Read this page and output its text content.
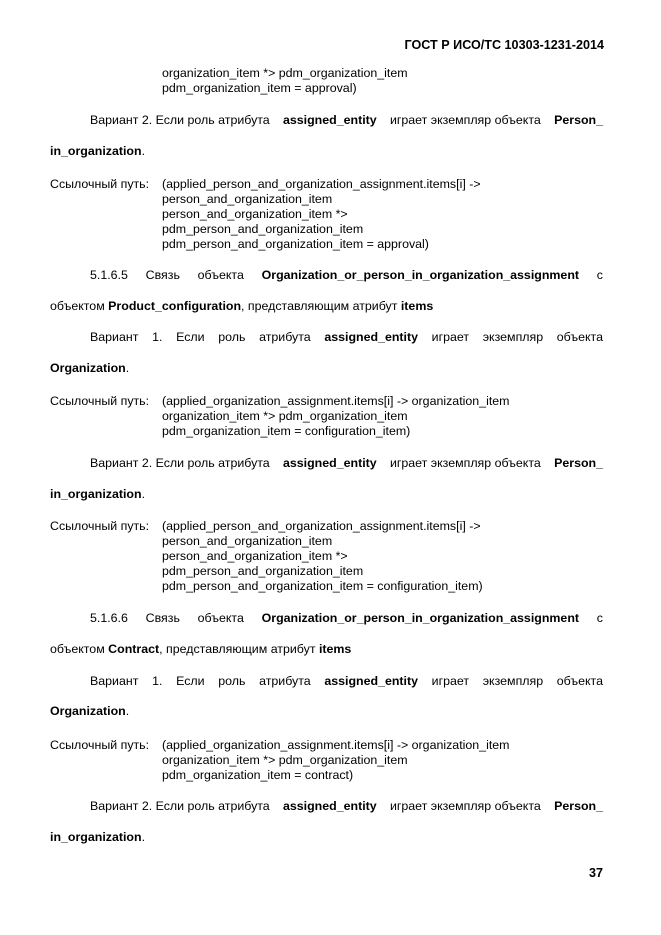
ГОСТ Р ИСО/ТС 10303-1231-2014
organization_item *> pdm_organization_item
pdm_organization_item = approval)
Вариант 2. Если роль атрибута assigned_entity играет экземпляр объекта Person_
in_organization.
Ссылочный путь: (applied_person_and_organization_assignment.items[i] ->
person_and_organization_item
person_and_organization_item *>
pdm_person_and_organization_item
pdm_person_and_organization_item = approval)
5.1.6.5 Связь объекта Organization_or_person_in_organization_assignment с
объектом Product_configuration, представляющим атрибут items
Вариант 1. Если роль атрибута assigned_entity играет экземпляр объекта
Organization.
Ссылочный путь: (applied_organization_assignment.items[i] -> organization_item
organization_item *> pdm_organization_item
pdm_organization_item = configuration_item)
Вариант 2. Если роль атрибута assigned_entity играет экземпляр объекта Person_
in_organization.
Ссылочный путь: (applied_person_and_organization_assignment.items[i] ->
person_and_organization_item
person_and_organization_item *>
pdm_person_and_organization_item
pdm_person_and_organization_item = configuration_item)
5.1.6.6 Связь объекта Organization_or_person_in_organization_assignment с
объектом Contract, представляющим атрибут items
Вариант 1. Если роль атрибута assigned_entity играет экземпляр объекта
Organization.
Ссылочный путь: (applied_organization_assignment.items[i] -> organization_item
organization_item *> pdm_organization_item
pdm_organization_item = contract)
Вариант 2. Если роль атрибута assigned_entity играет экземпляр объекта Person_
in_organization.
37
